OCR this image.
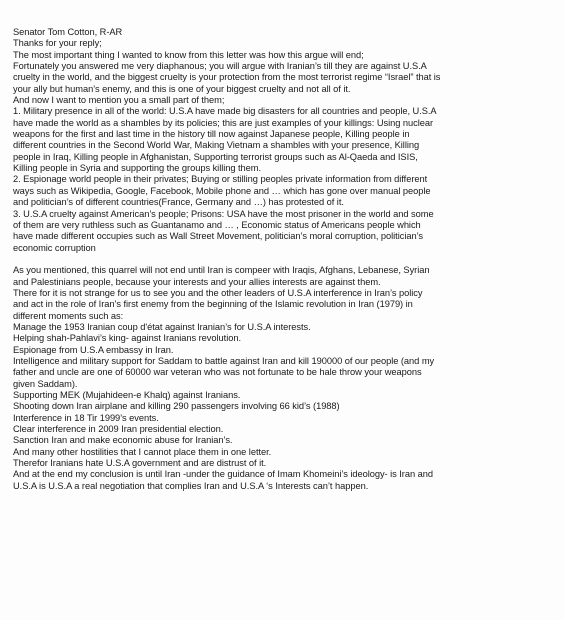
Senator Tom Cotton, R-AR
Thanks for your reply;
The most important thing I wanted to know from this letter was how this argue will end;
Fortunately you answered me very diaphanous; you will argue with Iranian’s till they are against U.S.A
cruelty in the world, and the biggest cruelty is your protection from the most terrorist regime “Israel” that is
your ally but human’s enemy, and this is one of your biggest cruelty and not all of it.
And now I want to mention you a small part of them;
1. Military presence in all of the world: U.S.A have made big disasters for all countries and people, U.S.A
have made the world as a shambles by its policies; this are just examples of your killings: Using nuclear
weapons for the first and last time in the history till now against Japanese people, Killing people in
different countries in the Second World War, Making Vietnam a shambles with your presence, Killing
people in Iraq, Killing people in Afghanistan, Supporting terrorist groups such as Al-Qaeda and ISIS,
Killing people in Syria and supporting the groups killing them.
2. Espionage world people in their privates; Buying or stilling peoples private information from different
ways such as Wikipedia, Google, Facebook, Mobile phone and … which has gone over manual people
and politician’s of different countries(France, Germany and …) has protested of it.
3. U.S.A cruelty against American’s people; Prisons: USA have the most prisoner in the world and some
of them are very ruthless such as Guantanamo and … , Economic status of Americans people which
have made different occupies such as Wall Street Movement, politician’s moral corruption, politician’s
economic corruption
As you mentioned, this quarrel will not end until Iran is compeer with Iraqis, Afghans, Lebanese, Syrian
and Palestinians people, because your interests and your allies interests are against them.
There for it is not strange for us to see you and the other leaders of U.S.A interference in Iran’s policy
and act in the role of Iran’s first enemy from the beginning of the Islamic revolution in Iran (1979) in
different moments such as:
Manage the 1953 Iranian coup d'état against Iranian’s for U.S.A interests.
Helping shah-Pahlavi’s king- against Iranians revolution.
Espionage from U.S.A embassy in Iran.
Intelligence and military support for Saddam to battle against Iran and kill 190000 of our people (and my
father and uncle are one of 60000 war veteran who was not fortunate to be hale throw your weapons
given Saddam).
Supporting MEK (Mujahideen-e Khalq) against Iranians.
Shooting down Iran airplane and killing 290 passengers involving 66 kid’s (1988)
Interference in 18 Tir 1999’s events.
Clear interference in 2009 Iran presidential election.
Sanction Iran and make economic abuse for Iranian’s.
And many other hostilities that I cannot place them in one letter.
Therefor Iranians hate U.S.A government and are distrust of it.
And at the end my conclusion is until Iran -under the guidance of Imam Khomeini’s ideology- is Iran and
U.S.A is U.S.A a real negotiation that complies Iran and U.S.A ‘s Interests can’t happen.
